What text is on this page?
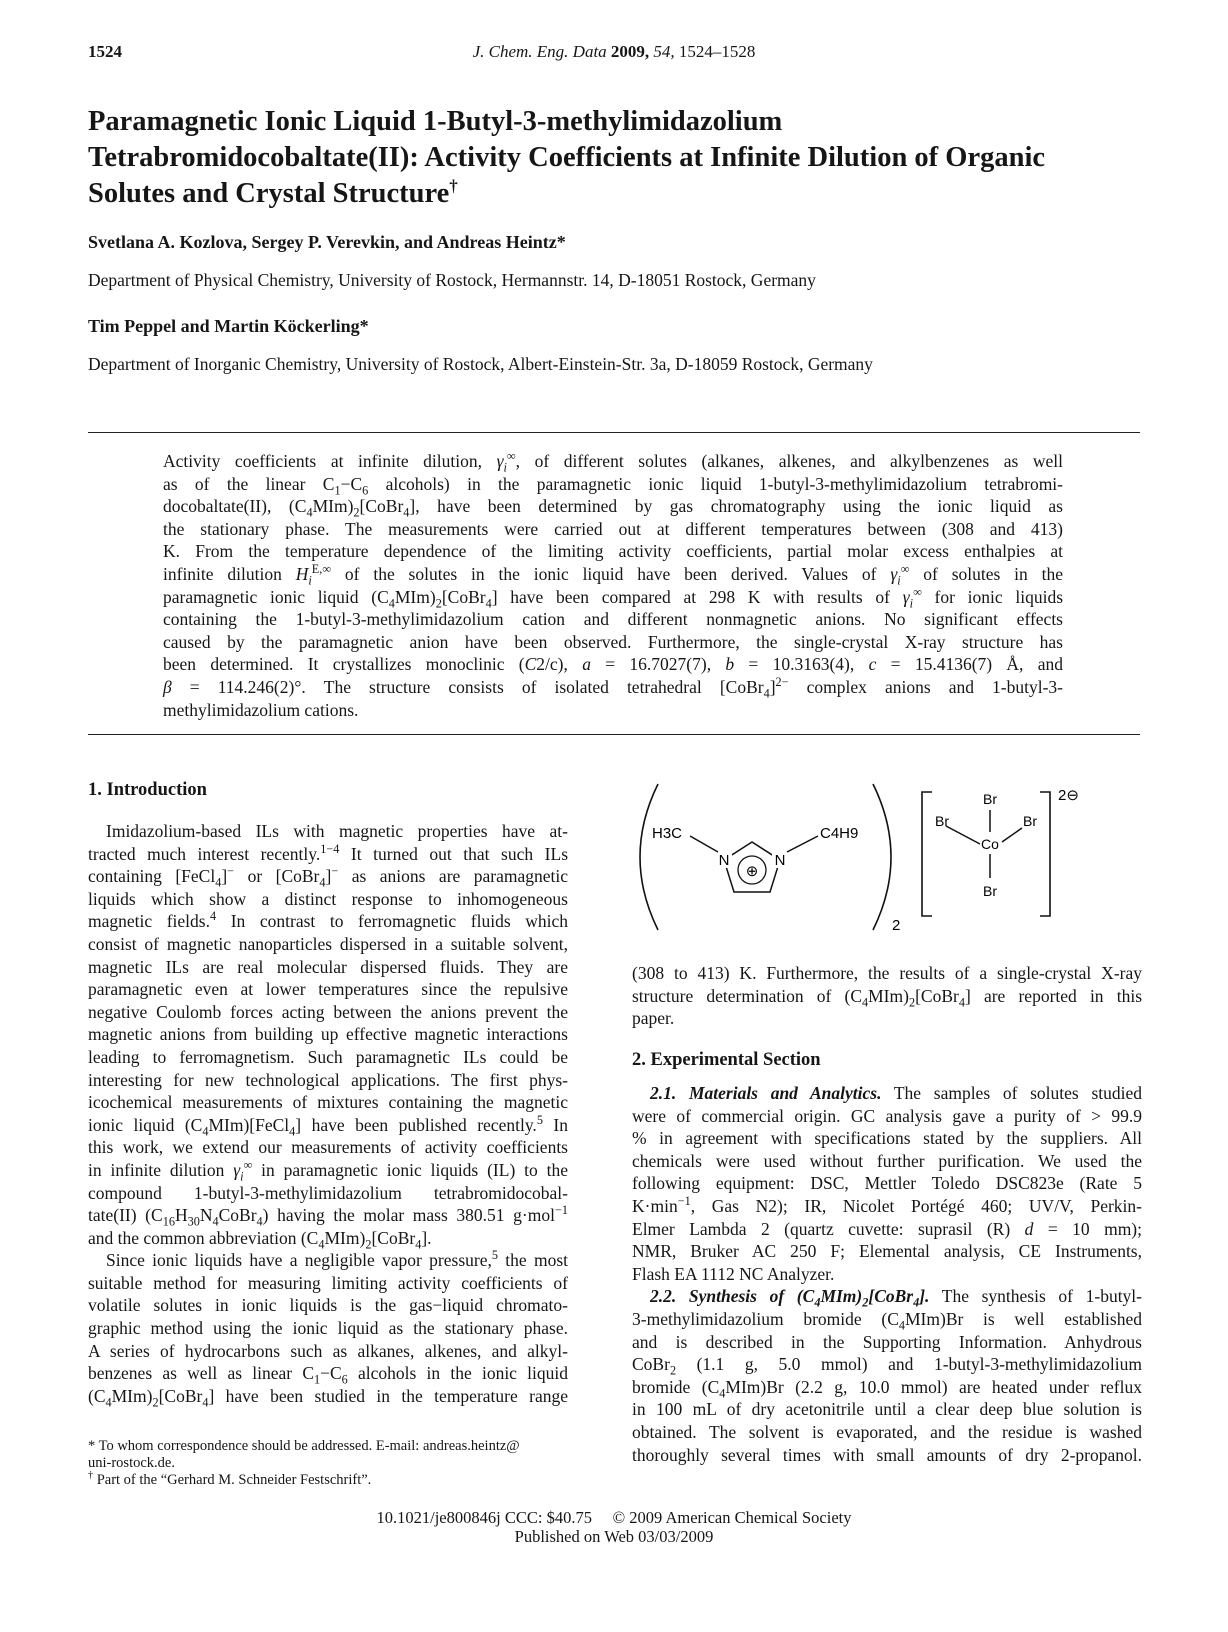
1524	J. Chem. Eng. Data 2009, 54, 1524–1528
Paramagnetic Ionic Liquid 1-Butyl-3-methylimidazolium
Tetrabromidocobaltate(II): Activity Coefficients at Infinite Dilution of Organic
Solutes and Crystal Structure†
Svetlana A. Kozlova, Sergey P. Verevkin, and Andreas Heintz*
Department of Physical Chemistry, University of Rostock, Hermannstr. 14, D-18051 Rostock, Germany
Tim Peppel and Martin Köckerling*
Department of Inorganic Chemistry, University of Rostock, Albert-Einstein-Str. 3a, D-18059 Rostock, Germany
Activity coefficients at infinite dilution, $\gamma_i^\infty$, of different solutes (alkanes, alkenes, and alkylbenzenes as well
as of the linear $C_1-C_6$ alcohols) in the paramagnetic ionic liquid 1-butyl-3-methylimidazolium tetrabromi-
docobaltate(II), $(C_4MIm)_2[CoBr_4]$, have been determined by gas chromatography using the ionic liquid as
the stationary phase. The measurements were carried out at different temperatures between (308 and 413)
K. From the temperature dependence of the limiting activity coefficients, partial molar excess enthalpies at
infinite dilution $H_i^{E,\infty}$ of the solutes in the ionic liquid have been derived. Values of $\gamma_i^\infty$ of solutes in the
paramagnetic ionic liquid $(C_4MIm)_2[CoBr_4]$ have been compared at 298 K with results of $\gamma_i^\infty$ for ionic liquids
containing the 1-butyl-3-methylimidazolium cation and different nonmagnetic anions. No significant effects
caused by the paramagnetic anion have been observed. Furthermore, the single-crystal X-ray structure has
been determined. It crystallizes monoclinic (C2/c), a = 16.7027(7), b = 10.3163(4), c = 15.4136(7) Å, and
β = 114.246(2)°. The structure consists of isolated tetrahedral [CoBr$_4$]$^{2-}$ complex anions and 1-butyl-3-
methylimidazolium cations.
1. Introduction
Imidazolium-based ILs with magnetic properties have at-
tracted much interest recently.$^{1-4}$ It turned out that such ILs
containing [FeCl$_4$]− or [CoBr$_4$]− as anions are paramagnetic
liquids which show a distinct response to inhomogeneous
magnetic fields.$^4$ In contrast to ferromagnetic fluids which
consist of magnetic nanoparticles dispersed in a suitable solvent,
magnetic ILs are real molecular dispersed fluids. They are
paramagnetic even at lower temperatures since the repulsive
negative Coulomb forces acting between the anions prevent the
magnetic anions from building up effective magnetic interactions
leading to ferromagnetism. Such paramagnetic ILs could be
interesting for new technological applications. The first phys-
icochemical measurements of mixtures containing the magnetic
ionic liquid $(C_4MIm)[FeCl_4]$ have been published recently.$^5$ In
this work, we extend our measurements of activity coefficients
in infinite dilution $\gamma_i^\infty$ in paramagnetic ionic liquids (IL) to the
compound 1-butyl-3-methylimidazolium tetrabromidocobal-
tate(II) $(C_{16}H_{30}N_4CoBr_4)$ having the molar mass 380.51 g·mol$^{-1}$
and the common abbreviation $(C_4MIm)_2[CoBr_4]$.
Since ionic liquids have a negligible vapor pressure,$^5$ the most
suitable method for measuring limiting activity coefficients of
volatile solutes in ionic liquids is the gas−liquid chromato-
graphic method using the ionic liquid as the stationary phase.
A series of hydrocarbons such as alkanes, alkenes, and alkyl-
benzenes as well as linear $C_1-C_6$ alcohols in the ionic liquid
$(C_4MIm)_2[CoBr_4]$ have been studied in the temperature range
* To whom correspondence should be addressed. E-mail: andreas.heintz@
uni-rostock.de.
† Part of the “Gerhard M. Schneider Festschrift”.
⊕
N	N
H3C	C4H9
2
2⊖
Br
Br	Br
Co
Br
(308 to 413) K. Furthermore, the results of a single-crystal X-ray
structure determination of $(C_4MIm)_2[CoBr_4]$ are reported in this
paper.
2. Experimental Section
2.1. Materials and Analytics. The samples of solutes studied
were of commercial origin. GC analysis gave a purity of > 99.9
% in agreement with specifications stated by the suppliers. All
chemicals were used without further purification. We used the
following equipment: DSC, Mettler Toledo DSC823e (Rate 5
$K\cdot\min^{-1}$, Gas N2); IR, Nicolet Portégé 460; UV/V, Perkin-
Elmer Lambda 2 (quartz cuvette: suprasil (R) d = 10 mm);
NMR, Bruker AC 250 F; Elemental analysis, CE Instruments,
Flash EA 1112 NC Analyzer.
2.2. Synthesis of $(C_4MIm)_2[CoBr_4]$. The synthesis of 1-butyl-
3-methylimidazolium bromide $(C_4MIm)Br$ is well established
and is described in the Supporting Information. Anhydrous
CoBr$_2$ (1.1 g, 5.0 mmol) and 1-butyl-3-methylimidazolium
bromide $(C_4MIm)Br$ (2.2 g, 10.0 mmol) are heated under reflux
in 100 mL of dry acetonitrile until a clear deep blue solution is
obtained. The solvent is evaporated, and the residue is washed
thoroughly several times with small amounts of dry 2-propanol.
10.1021/je800846j CCC: $40.75 © 2009 American Chemical Society
Published on Web 03/03/2009
